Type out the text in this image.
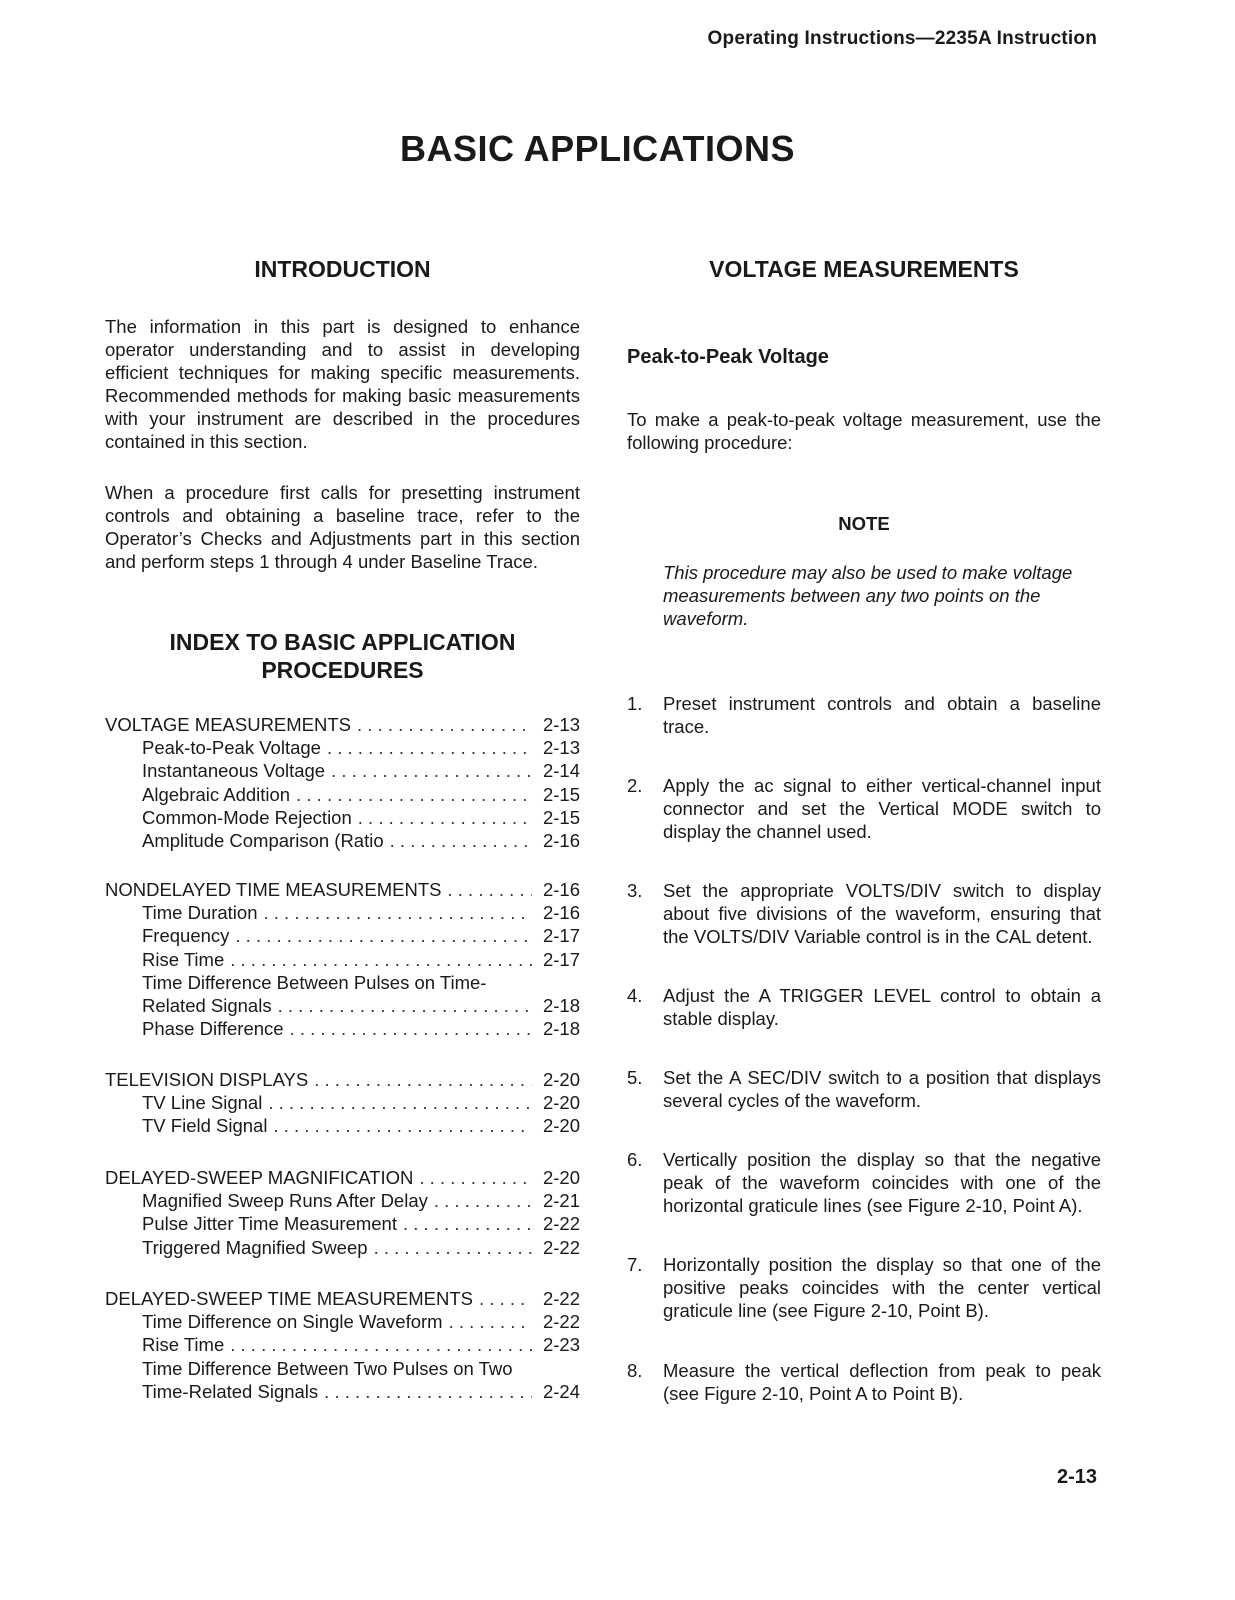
Operating Instructions—2235A Instruction
BASIC APPLICATIONS
INTRODUCTION

The information in this part is designed to enhance operator understanding and to assist in developing efficient techniques for making specific measurements. Recommended methods for making basic measurements with your instrument are described in the procedures contained in this section.

When a procedure first calls for presetting instrument controls and obtaining a baseline trace, refer to the Operator’s Checks and Adjustments part in this section and perform steps 1 through 4 under Baseline Trace.

INDEX TO BASIC APPLICATION
PROCEDURES
VOLTAGE MEASUREMENTS . . .	2-13
Peak-to-Peak Voltage . . .	2-13
Instantaneous Voltage . . .	2-14
Algebraic Addition . . .	2-15
Common-Mode Rejection . . .	2-15
Amplitude Comparison (Ratio . . .	2-16
NONDELAYED TIME MEASUREMENTS . . .	2-16
Time Duration . . .	2-16
Frequency . . .	2-17
Rise Time . . .	2-17
Time Difference Between Pulses on Time-
Related Signals . . .	2-18
Phase Difference . . .	2-18
TELEVISION DISPLAYS . . .	2-20
TV Line Signal . . .	2-20
TV Field Signal . . .	2-20
DELAYED-SWEEP MAGNIFICATION . . .	2-20
Magnified Sweep Runs After Delay . . .	2-21
Pulse Jitter Time Measurement . . .	2-22
Triggered Magnified Sweep . . .	2-22
DELAYED-SWEEP TIME MEASUREMENTS . . .	2-22
Time Difference on Single Waveform . . .	2-22
Rise Time . . .	2-23
Time Difference Between Two Pulses on Two
Time-Related Signals . . .	2-24
VOLTAGE MEASUREMENTS
Peak-to-Peak Voltage

To make a peak-to-peak voltage measurement, use the following procedure:

NOTE

This procedure may also be used to make voltage measurements between any two points on the waveform.

1.	Preset instrument controls and obtain a baseline trace.
2.	Apply the ac signal to either vertical-channel input connector and set the Vertical MODE switch to display the channel used.
3.	Set the appropriate VOLTS/DIV switch to display about five divisions of the waveform, ensuring that the VOLTS/DIV Variable control is in the CAL detent.
4.	Adjust the A TRIGGER LEVEL control to obtain a stable display.
5.	Set the A SEC/DIV switch to a position that displays several cycles of the waveform.
6.	Vertically position the display so that the negative peak of the waveform coincides with one of the horizontal graticule lines (see Figure 2-10, Point A).
7.	Horizontally position the display so that one of the positive peaks coincides with the center vertical graticule line (see Figure 2-10, Point B).
8.	Measure the vertical deflection from peak to peak (see Figure 2-10, Point A to Point B).
2-13
